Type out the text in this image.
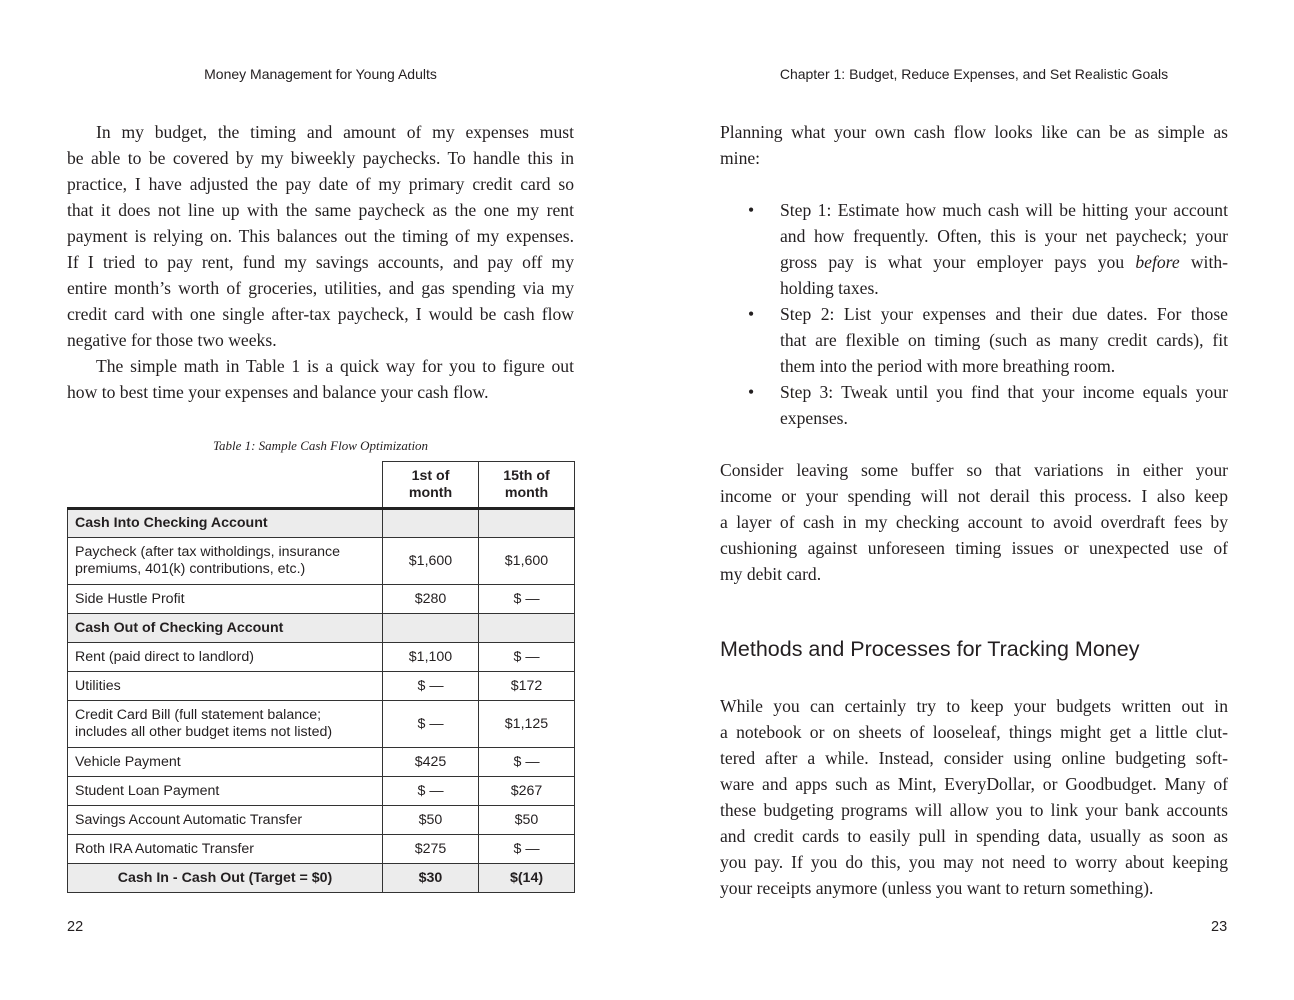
Money Management for Young Adults	Chapter 1: Budget, Reduce Expenses, and Set Realistic Goals
In my budget, the timing and amount of my expenses must
be able to be covered by my biweekly paychecks. To handle this in
practice, I have adjusted the pay date of my primary credit card so
that it does not line up with the same paycheck as the one my rent
payment is relying on. This balances out the timing of my expenses.
If I tried to pay rent, fund my savings accounts, and pay off my
entire month’s worth of groceries, utilities, and gas spending via my
credit card with one single after-tax paycheck, I would be cash flow
negative for those two weeks.
The simple math in Table 1 is a quick way for you to figure out
how to best time your expenses and balance your cash flow.
Table 1: Sample Cash Flow Optimization
	1st of month	15th of month
Cash Into Checking Account		
Paycheck (after tax witholdings, insurance premiums, 401(k) contributions, etc.)	$1,600	$1,600
Side Hustle Profit	$280	$ —
Cash Out of Checking Account		
Rent (paid direct to landlord)	$1,100	$ —
Utilities	$ —	$172
Credit Card Bill (full statement balance; includes all other budget items not listed)	$ —	$1,125
Vehicle Payment	$425	$ —
Student Loan Payment	$ —	$267
Savings Account Automatic Transfer	$50	$50
Roth IRA Automatic Transfer	$275	$ —
Cash In - Cash Out (Target = $0)	$30	$(14)
Planning what your own cash flow looks like can be as simple as
mine:
• Step 1: Estimate how much cash will be hitting your account
and how frequently. Often, this is your net paycheck; your
gross pay is what your employer pays you before with-
holding taxes.
• Step 2: List your expenses and their due dates. For those
that are flexible on timing (such as many credit cards), fit
them into the period with more breathing room.
• Step 3: Tweak until you find that your income equals your
expenses.
Consider leaving some buffer so that variations in either your
income or your spending will not derail this process. I also keep
a layer of cash in my checking account to avoid overdraft fees by
cushioning against unforeseen timing issues or unexpected use of
my debit card.
Methods and Processes for Tracking Money
While you can certainly try to keep your budgets written out in
a notebook or on sheets of looseleaf, things might get a little clut-
tered after a while. Instead, consider using online budgeting soft-
ware and apps such as Mint, EveryDollar, or Goodbudget. Many of
these budgeting programs will allow you to link your bank accounts
and credit cards to easily pull in spending data, usually as soon as
you pay. If you do this, you may not need to worry about keeping
your receipts anymore (unless you want to return something).
22	23
